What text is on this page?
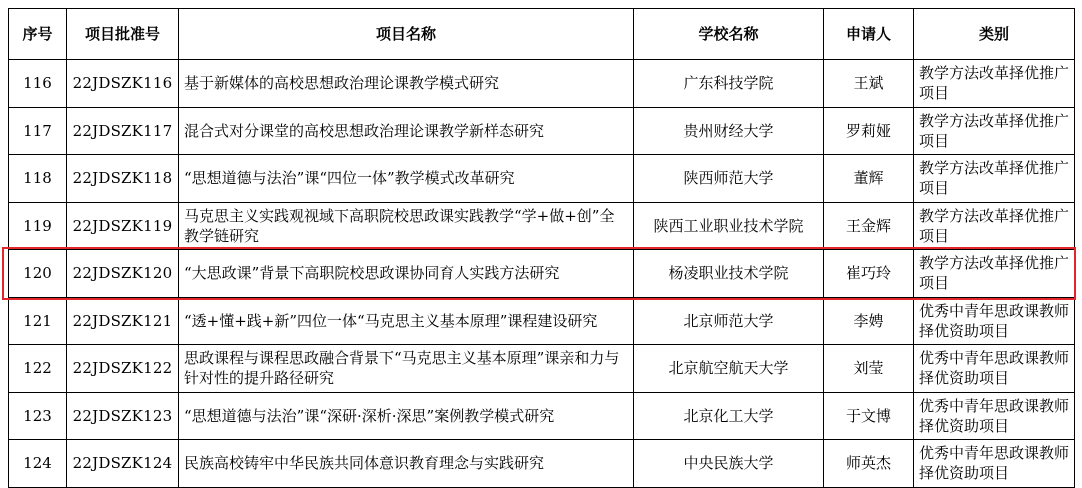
序号	项目批准号	项目名称	学校名称	申请人	类别
116	22JDSZK116	基于新媒体的高校思想政治理论课教学模式研究	广东科技学院	王斌	教学方法改革择优推广项目
117	22JDSZK117	混合式对分课堂的高校思想政治理论课教学新样态研究	贵州财经大学	罗莉娅	教学方法改革择优推广项目
118	22JDSZK118	“思想道德与法治”课“四位一体”教学模式改革研究	陕西师范大学	董辉	教学方法改革择优推广项目
119	22JDSZK119	马克思主义实践观视域下高职院校思政课实践教学“学+做+创”全教学链研究	陕西工业职业技术学院	王金辉	教学方法改革择优推广项目
120	22JDSZK120	“大思政课”背景下高职院校思政课协同育人实践方法研究	杨凌职业技术学院	崔巧玲	教学方法改革择优推广项目
121	22JDSZK121	“透+懂+践+新”四位一体“马克思主义基本原理”课程建设研究	北京师范大学	李娉	优秀中青年思政课教师择优资助项目
122	22JDSZK122	思政课程与课程思政融合背景下“马克思主义基本原理”课亲和力与针对性的提升路径研究	北京航空航天大学	刘莹	优秀中青年思政课教师择优资助项目
123	22JDSZK123	“思想道德与法治”课“深研·深析·深思”案例教学模式研究	北京化工大学	于文博	优秀中青年思政课教师择优资助项目
124	22JDSZK124	民族高校铸牢中华民族共同体意识教育理念与实践研究	中央民族大学	师英杰	优秀中青年思政课教师择优资助项目
